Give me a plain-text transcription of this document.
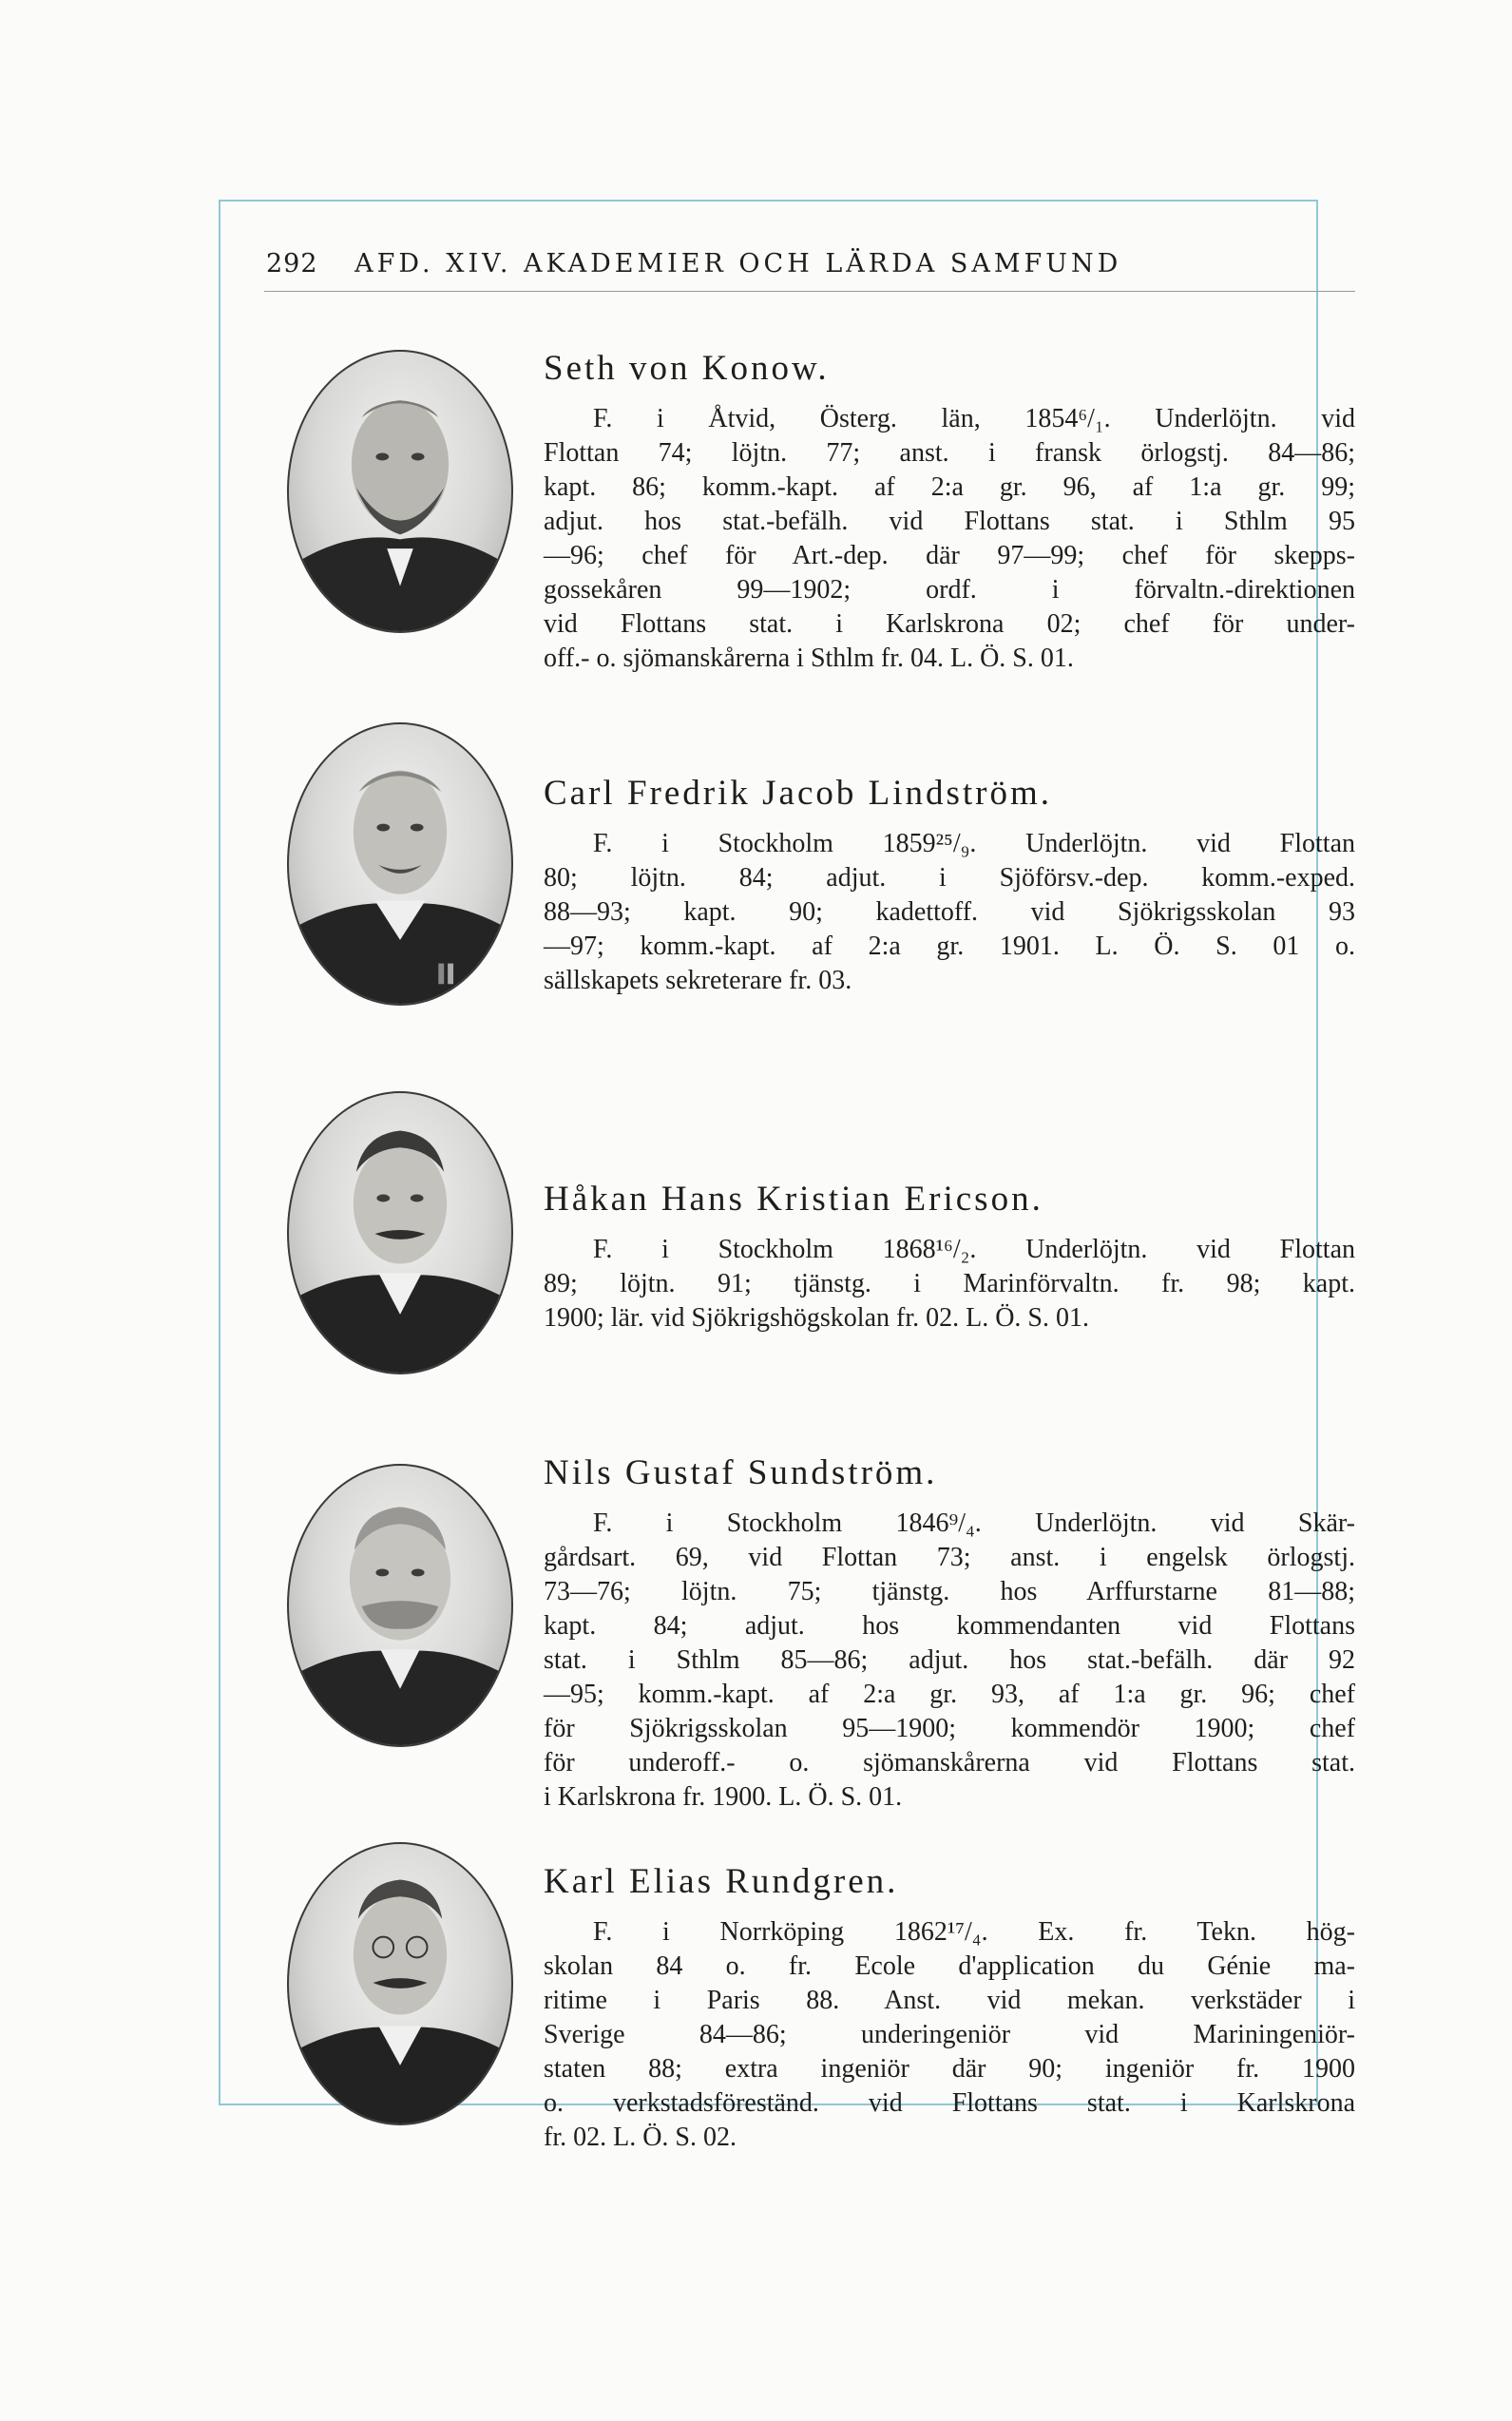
292 AFD. XIV. AKADEMIER OCH LÄRDA SAMFUND
Seth von Konow.
F. i Åtvid, Österg. län, 1854⁶/₁. Underlöjtn. vid
Flottan 74; löjtn. 77; anst. i fransk örlogstj. 84—86;
kapt. 86; komm.-kapt. af 2:a gr. 96, af 1:a gr. 99;
adjut. hos stat.-befälh. vid Flottans stat. i Sthlm 95
—96; chef för Art.-dep. där 97—99; chef för skepps-
gossekåren 99—1902; ordf. i förvaltn.-direktionen
vid Flottans stat. i Karlskrona 02; chef för under-
off.- o. sjömanskårerna i Sthlm fr. 04. L. Ö. S. 01.
Carl Fredrik Jacob Lindström.
F. i Stockholm 1859²⁵/₉. Underlöjtn. vid Flottan
80; löjtn. 84; adjut. i Sjöförsv.-dep. komm.-exped.
88—93; kapt. 90; kadettoff. vid Sjökrigsskolan 93
—97; komm.-kapt. af 2:a gr. 1901. L. Ö. S. 01 o.
sällskapets sekreterare fr. 03.
Håkan Hans Kristian Ericson.
F. i Stockholm 1868¹⁶/₂. Underlöjtn. vid Flottan
89; löjtn. 91; tjänstg. i Marinförvaltn. fr. 98; kapt.
1900; lär. vid Sjökrigshögskolan fr. 02. L. Ö. S. 01.
Nils Gustaf Sundström.
F. i Stockholm 1846⁹/₄. Underlöjtn. vid Skär-
gårdsart. 69, vid Flottan 73; anst. i engelsk örlogstj.
73—76; löjtn. 75; tjänstg. hos Arffurstarne 81—88;
kapt. 84; adjut. hos kommendanten vid Flottans
stat. i Sthlm 85—86; adjut. hos stat.-befälh. där 92
—95; komm.-kapt. af 2:a gr. 93, af 1:a gr. 96; chef
för Sjökrigsskolan 95—1900; kommendör 1900; chef
för underoff.- o. sjömanskårerna vid Flottans stat.
i Karlskrona fr. 1900. L. Ö. S. 01.
Karl Elias Rundgren.
F. i Norrköping 1862¹⁷/₄. Ex. fr. Tekn. hög-
skolan 84 o. fr. Ecole d'application du Génie ma-
ritime i Paris 88. Anst. vid mekan. verkstäder i
Sverige 84—86; underingeniör vid Mariningeniör-
staten 88; extra ingeniör där 90; ingeniör fr. 1900
o. verkstadsföreständ. vid Flottans stat. i Karlskrona
fr. 02. L. Ö. S. 02.
